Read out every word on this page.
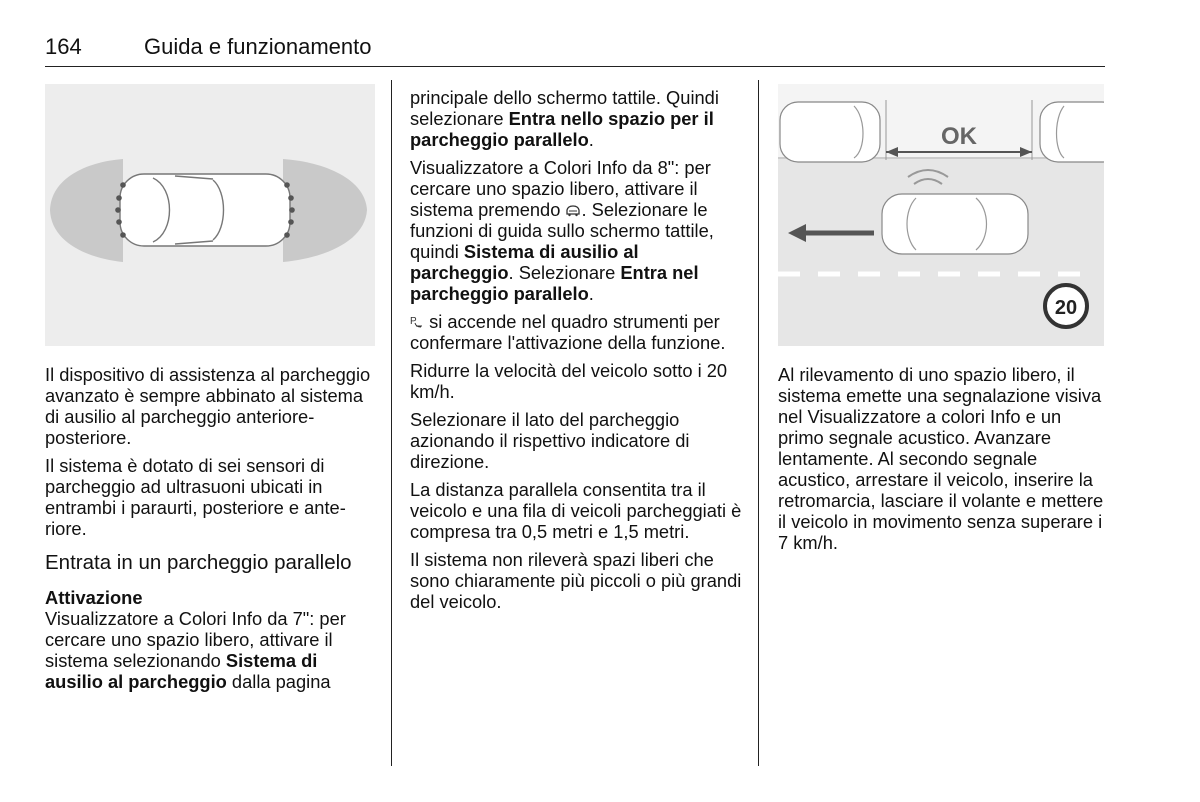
164	Guida e funzionamento
OK
20

Il dispositivo di assistenza al parcheggio avanzato è sempre abbinato al sistema di ausilio al parcheggio anteriore-posteriore.

Il sistema è dotato di sei sensori di parcheggio ad ultrasuoni ubicati in entrambi i paraurti, posteriore e anteriore.

Entrata in un parcheggio parallelo

Attivazione

Visualizzatore a Colori Info da 7": per cercare uno spazio libero, attivare il sistema selezionando Sistema di ausilio al parcheggio dalla pagina

principale dello schermo tattile. Quindi selezionare Entra nello spazio per il parcheggio parallelo.

Visualizzatore a Colori Info da 8": per cercare uno spazio libero, attivare il sistema premendo . Selezionare le funzioni di guida sullo schermo tattile, quindi Sistema di ausilio al parcheggio. Selezionare Entra nel parcheggio parallelo.

P si accende nel quadro strumenti per confermare l'attivazione della funzione.

Ridurre la velocità del veicolo sotto i 20 km/h.

Selezionare il lato del parcheggio azionando il rispettivo indicatore di direzione.

La distanza parallela consentita tra il veicolo e una fila di veicoli parcheggiati è compresa tra 0,5 metri e 1,5 metri.

Il sistema non rileverà spazi liberi che sono chiaramente più piccoli o più grandi del veicolo.

Al rilevamento di uno spazio libero, il sistema emette una segnalazione visiva nel Visualizzatore a colori Info e un primo segnale acustico. Avanzare lentamente. Al secondo segnale acustico, arrestare il veicolo, inserire la retromarcia, lasciare il volante e mettere il veicolo in movimento senza superare i 7 km/h.
